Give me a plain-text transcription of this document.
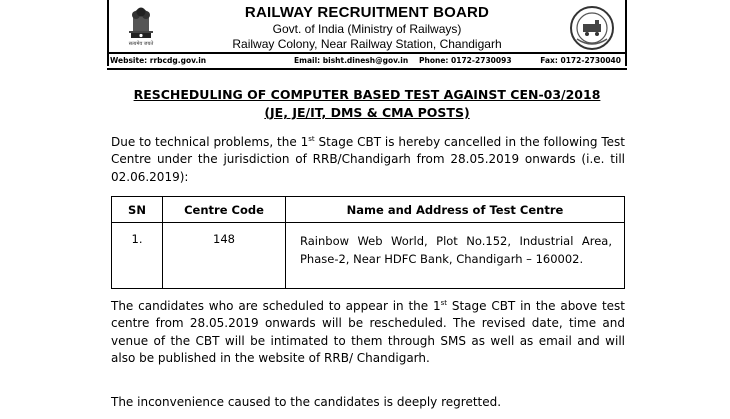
सत्यमेव जयते
RAILWAY RECRUITMENT BOARD
Govt. of India (Ministry of Railways)
Railway Colony, Near Railway Station, Chandigarh
Website: rrbcdg.gov.in	Email: bisht.dinesh@gov.in Phone: 0172-2730093	Fax: 0172-2730040
RESCHEDULING OF COMPUTER BASED TEST AGAINST CEN-03/2018
(JE, JE/IT, DMS & CMA POSTS)
Due to technical problems, the 1st Stage CBT is hereby cancelled in the following Test Centre under the jurisdiction of RRB/Chandigarh from 28.05.2019 onwards (i.e. till 02.06.2019):
SN	Centre Code	Name and Address of Test Centre
1.	148	Rainbow Web World, Plot No.152, Industrial Area, Phase-2, Near HDFC Bank, Chandigarh – 160002.
The candidates who are scheduled to appear in the 1st Stage CBT in the above test centre from 28.05.2019 onwards will be rescheduled. The revised date, time and venue of the CBT will be intimated to them through SMS as well as email and will also be published in the website of RRB/ Chandigarh.
The inconvenience caused to the candidates is deeply regretted.
